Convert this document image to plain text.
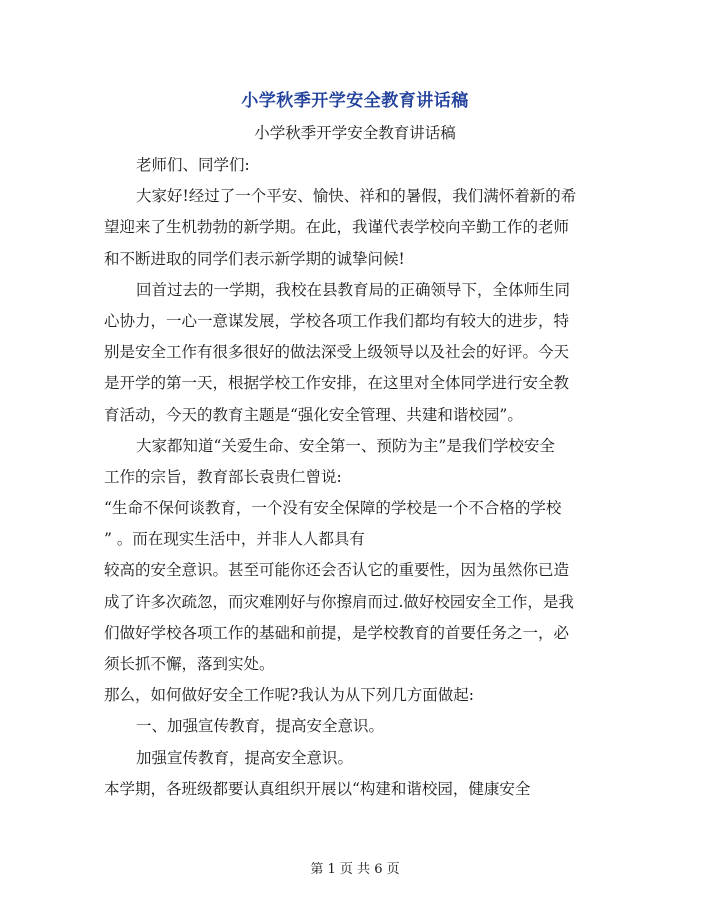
小学秋季开学安全教育讲话稿
小学秋季开学安全教育讲话稿
老师们、同学们:
大家好!经过了一个平安、愉快、祥和的暑假，我们满怀着新的希
望迎来了生机勃勃的新学期。在此，我谨代表学校向辛勤工作的老师
和不断进取的同学们表示新学期的诚挚问候!
回首过去的一学期，我校在县教育局的正确领导下，全体师生同
心协力，一心一意谋发展，学校各项工作我们都均有较大的进步，特
别是安全工作有很多很好的做法深受上级领导以及社会的好评。今天
是开学的第一天，根据学校工作安排，在这里对全体同学进行安全教
育活动，今天的教育主题是“强化安全管理、共建和谐校园”。
大家都知道“关爱生命、安全第一、预防为主”是我们学校安全
工作的宗旨，教育部长袁贵仁曾说:
“生命不保何谈教育，一个没有安全保障的学校是一个不合格的学校
” 。而在现实生活中，并非人人都具有
较高的安全意识。甚至可能你还会否认它的重要性，因为虽然你已造
成了许多次疏忽，而灾难刚好与你擦肩而过.做好校园安全工作，是我
们做好学校各项工作的基础和前提，是学校教育的首要任务之一，必
须长抓不懈，落到实处。
那么，如何做好安全工作呢?我认为从下列几方面做起:
一、加强宣传教育，提高安全意识。
加强宣传教育，提高安全意识。
本学期，各班级都要认真组织开展以“构建和谐校园，健康安全
第 1 页 共 6 页
